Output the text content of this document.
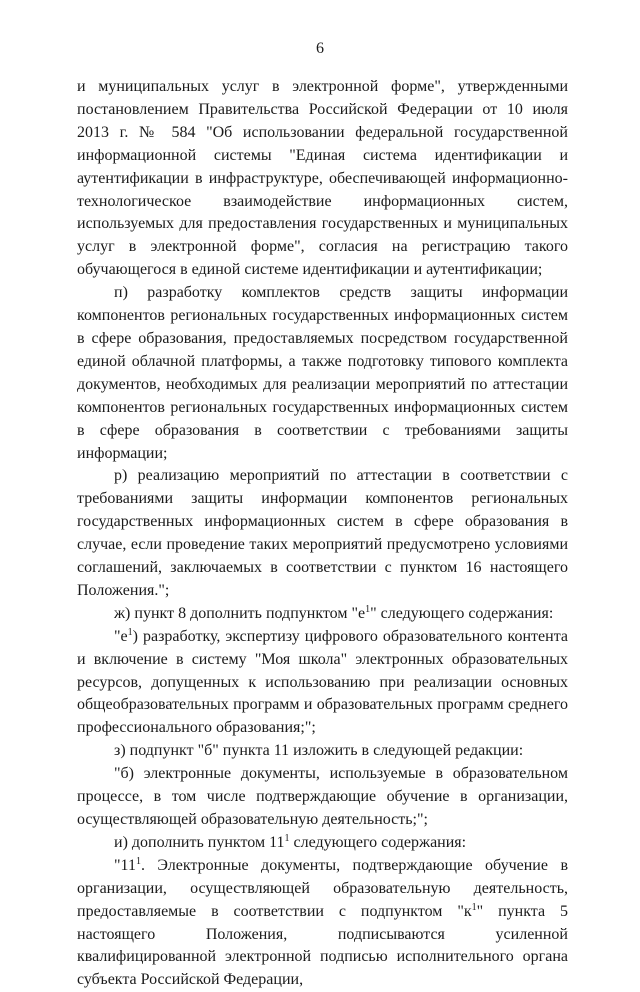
6

и муниципальных услуг в электронной форме", утвержденными постановлением Правительства Российской Федерации от 10 июля 2013 г. № 584 "Об использовании федеральной государственной информационной системы "Единая система идентификации и аутентификации в инфраструктуре, обеспечивающей информационно-технологическое взаимодействие информационных систем, используемых для предоставления государственных и муниципальных услуг в электронной форме", согласия на регистрацию такого обучающегося в единой системе идентификации и аутентификации;

п) разработку комплектов средств защиты информации компонентов региональных государственных информационных систем в сфере образования, предоставляемых посредством государственной единой облачной платформы, а также подготовку типового комплекта документов, необходимых для реализации мероприятий по аттестации компонентов региональных государственных информационных систем в сфере образования в соответствии с требованиями защиты информации;

р) реализацию мероприятий по аттестации в соответствии с требованиями защиты информации компонентов региональных государственных информационных систем в сфере образования в случае, если проведение таких мероприятий предусмотрено условиями соглашений, заключаемых в соответствии с пунктом 16 настоящего Положения.";

ж) пункт 8 дополнить подпунктом "$е^1$" следующего содержания:

"$е^1$) разработку, экспертизу цифрового образовательного контента и включение в систему "Моя школа" электронных образовательных ресурсов, допущенных к использованию при реализации основных общеобразовательных программ и образовательных программ среднего профессионального образования;";

з) подпункт "б" пункта 11 изложить в следующей редакции:

"б) электронные документы, используемые в образовательном процессе, в том числе подтверждающие обучение в организации, осуществляющей образовательную деятельность;";

и) дополнить пунктом $11^1$ следующего содержания:

"$11^1$. Электронные документы, подтверждающие обучение в организации, осуществляющей образовательную деятельность, предоставляемые в соответствии с подпунктом "$к^1$" пункта 5 настоящего Положения, подписываются усиленной квалифицированной электронной подписью исполнительного органа субъекта Российской Федерации,
